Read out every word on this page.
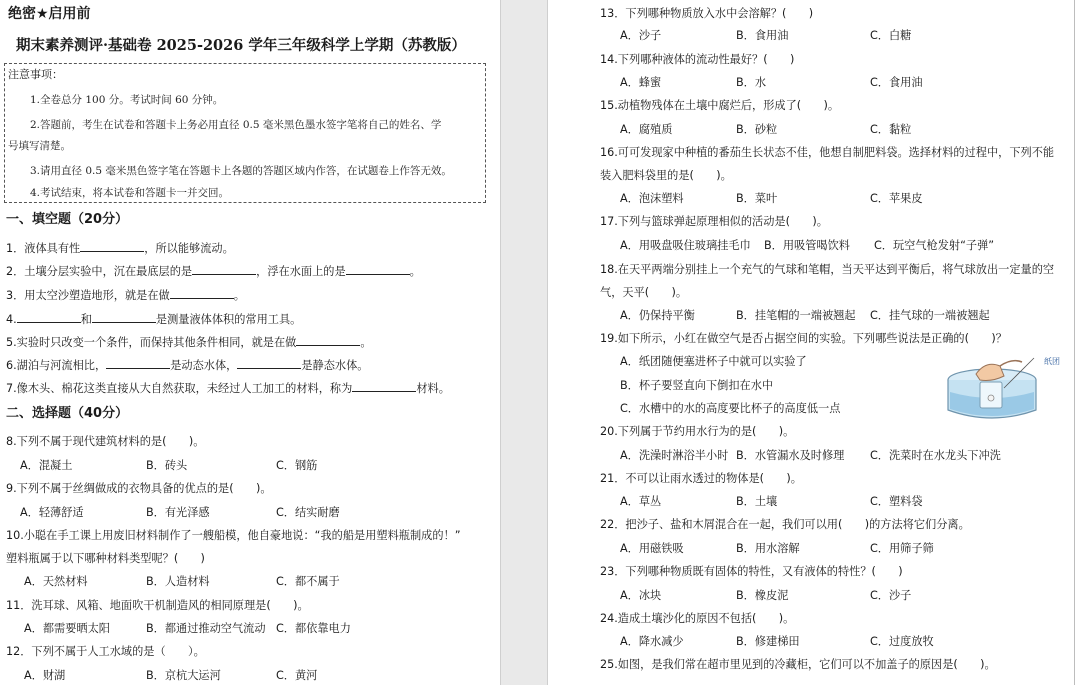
绝密★启用前
期末素养测评·基础卷 2025-2026 学年三年级科学上学期（苏教版）
注意事项：
1.全卷总分 100 分。考试时间 60 分钟。
2.答题前，考生在试卷和答题卡上务必用直径 0.5 毫米黑色墨水签字笔将自己的姓名、学
号填写清楚。
3.请用直径 0.5 毫米黑色签字笔在答题卡上各题的答题区域内作答，在试题卷上作答无效。
4.考试结束，将本试卷和答题卡一并交回。
一、填空题（20分）
1．液体具有性	，所以能够流动。
2．土壤分层实验中，沉在最底层的是	，浮在水面上的是	。
3．用太空沙塑造地形，就是在做	。
4.	和	是测量液体体积的常用工具。
5.实验时只改变一个条件，而保持其他条件相同，就是在做	。
6.湖泊与河流相比，	是动态水体，	是静态水体。
7.像木头、棉花这类直接从大自然获取，未经过人工加工的材料，称为	材料。
二、选择题（40分）
8.下列不属于现代建筑材料的是(　　)。
A．混凝土	B．砖头	C．钢筋
9.下列不属于丝绸做成的衣物具备的优点的是(　　)。
A．轻薄舒适	B．有光泽感	C．结实耐磨
10.小聪在手工课上用废旧材料制作了一艘船模，他自豪地说：“我的船是用塑料瓶制成的！”
塑料瓶属于以下哪种材料类型呢？(　　)
A．天然材料	B．人造材料	C．都不属于
11．洗耳球、风箱、地面吹干机制造风的相同原理是(　　)。
A．都需要晒太阳	B．都通过推动空气流动 C．都依靠电力
12．下列不属于人工水域的是（　　）。
A．财湖	B．京杭大运河	C．黄河
13．下列哪种物质放入水中会溶解？(　　)
A．沙子	B．食用油	C．白糖
14.下列哪种液体的流动性最好？(　　)
A．蜂蜜	B．水	C．食用油
15.动植物残体在土壤中腐烂后，形成了(　　)。
A．腐殖质	B．砂粒	C．黏粒
16.可可发现家中种植的番茄生长状态不佳，他想自制肥料袋。选择材料的过程中，下列不能
装入肥料袋里的是(　　)。
A．泡沫塑料	B．菜叶	C．苹果皮
17.下列与篮球弹起原理相似的活动是(　　)。
A．用吸盘吸住玻璃挂毛巾 B．用吸管喝饮料 C．玩空气枪发射“子弹”
18.在天平两端分别挂上一个充气的气球和笔帽，当天平达到平衡后，将气球放出一定量的空
气，天平(　　)。
A．仍保持平衡	B．挂笔帽的一端被翘起 C．挂气球的一端被翘起
19.如下所示，小红在做空气是否占据空间的实验。下列哪些说法是正确的(　　)？
A．纸团随便塞进杯子中就可以实验了
B．杯子要竖直向下倒扣在水中
C．水槽中的水的高度要比杯子的高度低一点
20.下列属于节约用水行为的是(　　)。
A．洗澡时淋浴半小时 B．水管漏水及时修理 C．洗菜时在水龙头下冲洗
21．不可以让雨水透过的物体是(　　)。
A．草丛	B．土壤	C．塑料袋
22．把沙子、盐和木屑混合在一起，我们可以用(　　)的方法将它们分离。
A．用磁铁吸	B．用水溶解	C．用筛子筛
23．下列哪种物质既有固体的特性，又有液体的特性？(　　)
A．冰块	B．橡皮泥	C．沙子
24.造成土壤沙化的原因不包括(　　)。
A．降水减少	B．修建梯田	C．过度放牧
25.如图，是我们常在超市里见到的冷藏柜，它们可以不加盖子的原因是(　　)。
纸团
